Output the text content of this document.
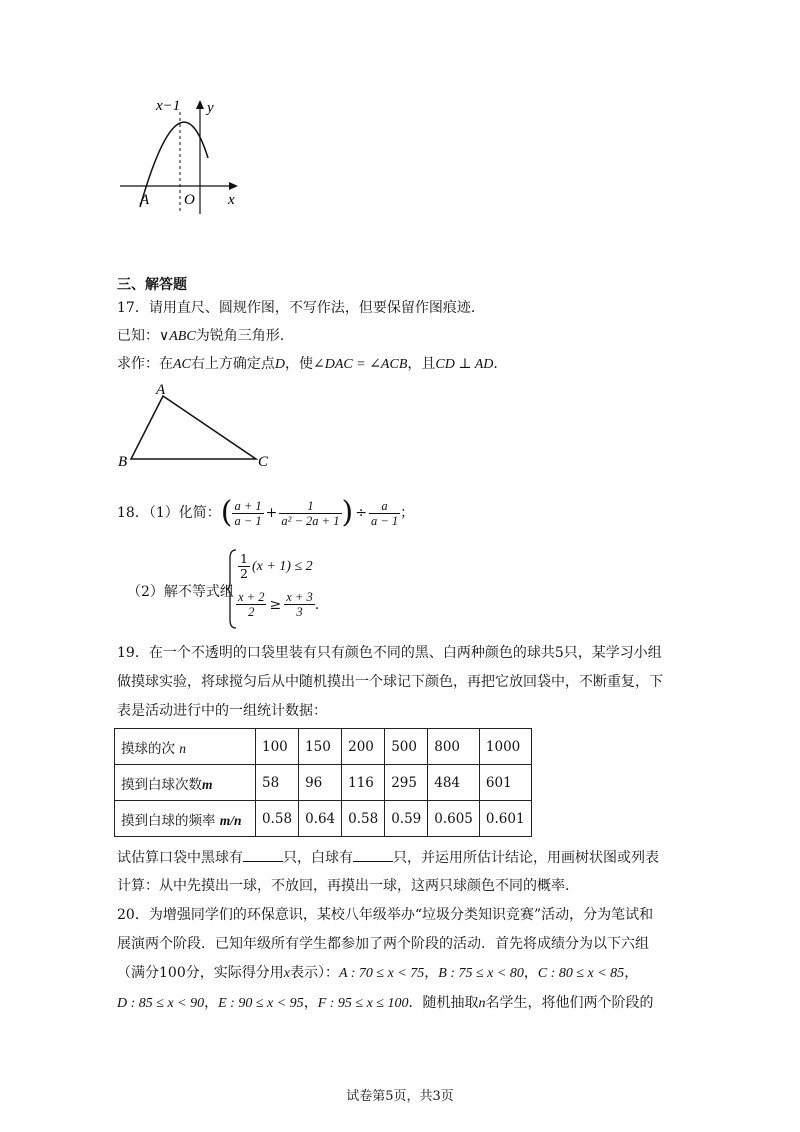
x−1 y
x
A O
三、解答题
17．请用直尺、圆规作图，不写作法，但要保留作图痕迹.
已知：∨ABC为锐角三角形.
求作：在AC右上方确定点D，使∠DAC = ∠ACB，且CD ⊥ AD.
A
B	C
18．（1）化简： ( $\frac{a + 1}{a - 1} + \frac{1}{\text{a² − 2a + 1}}$ ) ÷ $\frac{a}{a - 1}$ ；
（2）解不等式组
$\frac{1}{2} (x + 1) \le 2$
$\frac{x + 2}{2} \ge \frac{x + 3}{3}$ .
19．在一个不透明的口袋里装有只有颜色不同的黑、白两种颜色的球共5只，某学习小组
做摸球实验，将球搅匀后从中随机摸出一个球记下颜色，再把它放回袋中，不断重复，下
表是活动进行中的一组统计数据：
摸球的次 n	100	150	200	500	800	1000
摸到白球次数m	58	96	116	295	484	601
摸到白球的频率 m/n	0.58	0.64	0.58	0.59	0.605	0.601
试估算口袋中黑球有	只，白球有	只，并运用所估计结论，用画树状图或列表
计算：从中先摸出一球，不放回，再摸出一球，这两只球颜色不同的概率.
20．为增强同学们的环保意识，某校八年级举办“垃圾分类知识竞赛”活动，分为笔试和
展演两个阶段．已知年级所有学生都参加了两个阶段的活动．首先将成绩分为以下六组
（满分100分，实际得分用x表示）：A : 70 ≤ x < 75，B : 75 ≤ x < 80，C : 80 ≤ x < 85，
D : 85 ≤ x < 90，E : 90 ≤ x < 95，F : 95 ≤ x ≤ 100．随机抽取n名学生，将他们两个阶段的
试卷第5页，共3页
